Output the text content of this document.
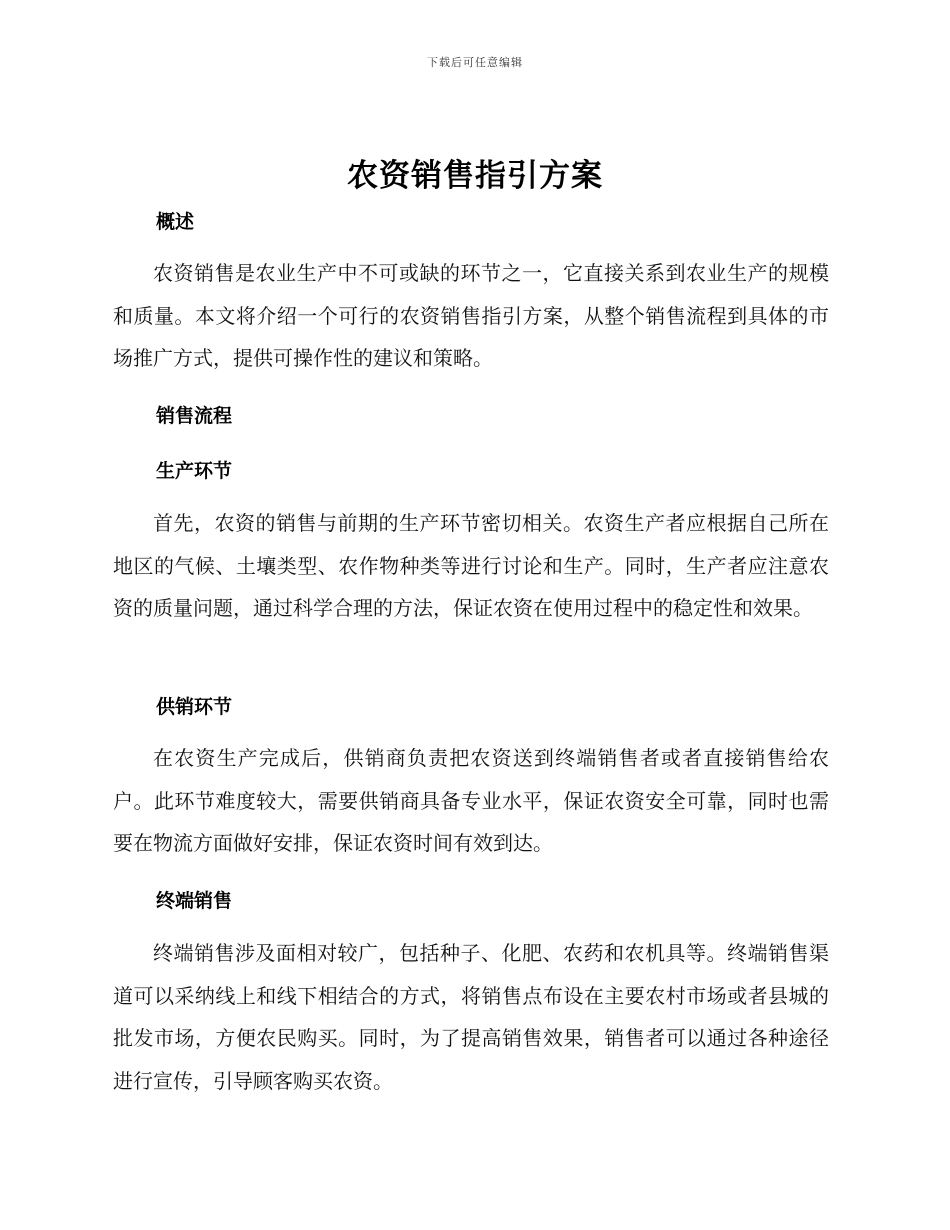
下载后可任意编辑
农资销售指引方案
概述

农资销售是农业生产中不可或缺的环节之一，它直接关系到农业生产的规模和质量。本文将介绍一个可行的农资销售指引方案，从整个销售流程到具体的市场推广方式，提供可操作性的建议和策略。

销售流程
生产环节

首先，农资的销售与前期的生产环节密切相关。农资生产者应根据自己所在地区的气候、土壤类型、农作物种类等进行讨论和生产。同时，生产者应注意农资的质量问题，通过科学合理的方法，保证农资在使用过程中的稳定性和效果。

供销环节

在农资生产完成后，供销商负责把农资送到终端销售者或者直接销售给农户。此环节难度较大，需要供销商具备专业水平，保证农资安全可靠，同时也需要在物流方面做好安排，保证农资时间有效到达。

终端销售

终端销售涉及面相对较广，包括种子、化肥、农药和农机具等。终端销售渠道可以采纳线上和线下相结合的方式，将销售点布设在主要农村市场或者县城的批发市场，方便农民购买。同时，为了提高销售效果，销售者可以通过各种途径进行宣传，引导顾客购买农资。
